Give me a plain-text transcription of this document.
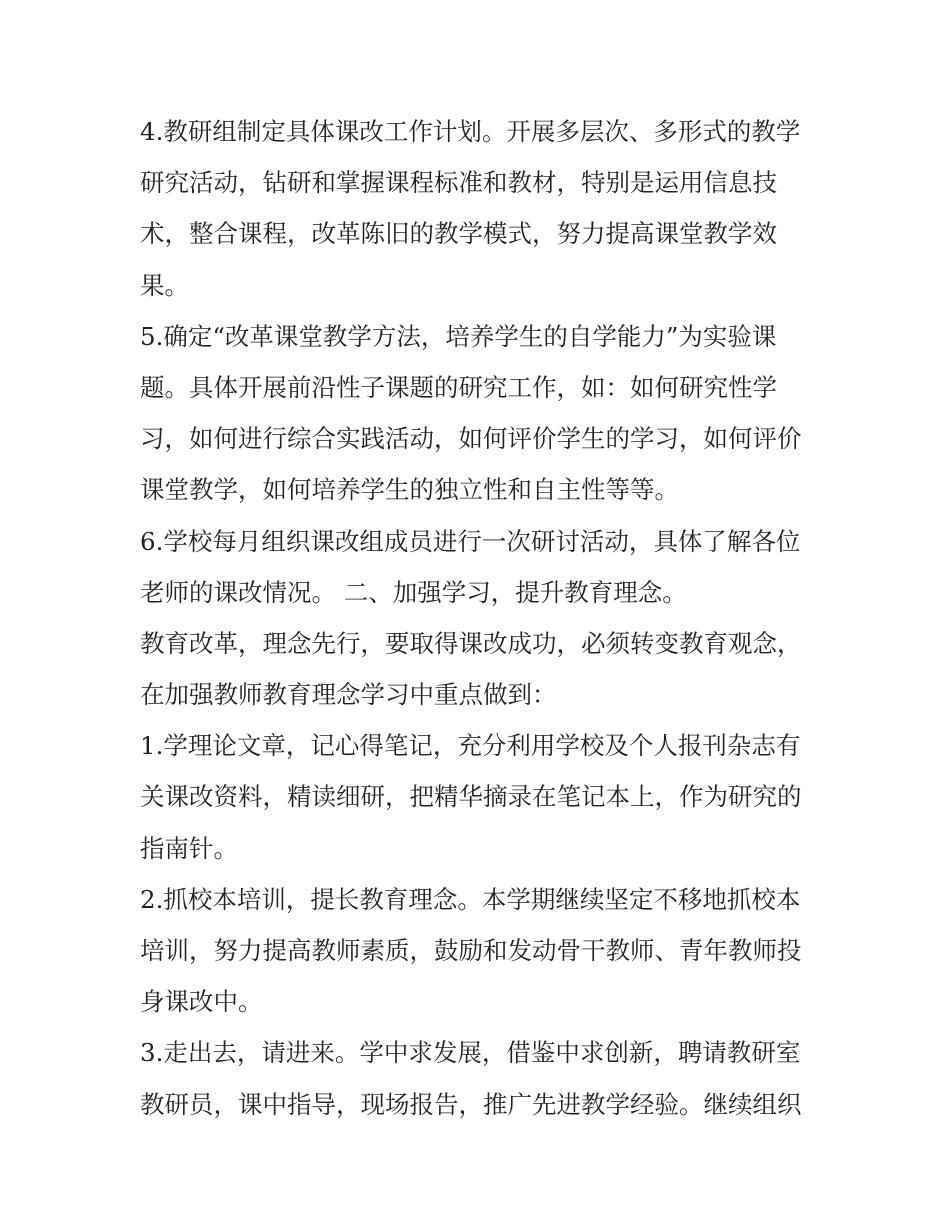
4.教研组制定具体课改工作计划。开展多层次、多形式的教学
研究活动，钻研和掌握课程标准和教材，特别是运用信息技
术，整合课程，改革陈旧的教学模式，努力提高课堂教学效
果。
5.确定“改革课堂教学方法，培养学生的自学能力”为实验课
题。具体开展前沿性子课题的研究工作，如：如何研究性学
习，如何进行综合实践活动，如何评价学生的学习，如何评价
课堂教学，如何培养学生的独立性和自主性等等。
6.学校每月组织课改组成员进行一次研讨活动，具体了解各位
老师的课改情况。 二、加强学习，提升教育理念。
教育改革，理念先行，要取得课改成功，必须转变教育观念，
在加强教师教育理念学习中重点做到：
1.学理论文章，记心得笔记，充分利用学校及个人报刊杂志有
关课改资料，精读细研，把精华摘录在笔记本上，作为研究的
指南针。
2.抓校本培训，提长教育理念。本学期继续坚定不移地抓校本
培训，努力提高教师素质，鼓励和发动骨干教师、青年教师投
身课改中。
3.走出去，请进来。学中求发展，借鉴中求创新，聘请教研室
教研员，课中指导，现场报告，推广先进教学经验。继续组织
